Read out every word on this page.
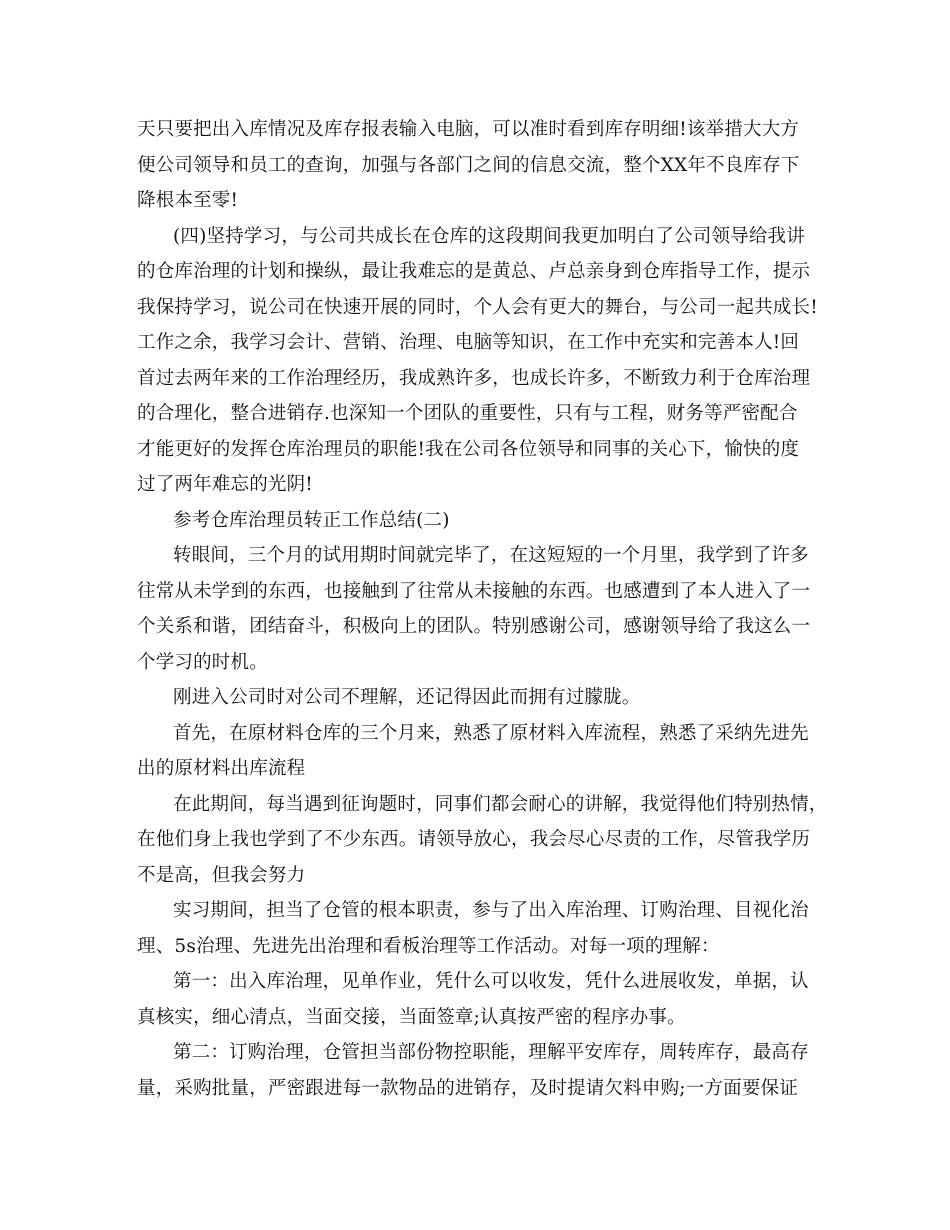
天只要把出入库情况及库存报表输入电脑，可以准时看到库存明细!该举措大大方
便公司领导和员工的查询，加强与各部门之间的信息交流，整个XX年不良库存下
降根本至零!
(四)坚持学习，与公司共成长在仓库的这段期间我更加明白了公司领导给我讲
的仓库治理的计划和操纵，最让我难忘的是黄总、卢总亲身到仓库指导工作，提示
我保持学习，说公司在快速开展的同时，个人会有更大的舞台，与公司一起共成长!
工作之余，我学习会计、营销、治理、电脑等知识，在工作中充实和完善本人!回
首过去两年来的工作治理经历，我成熟许多，也成长许多，不断致力利于仓库治理
的合理化，整合进销存.也深知一个团队的重要性，只有与工程，财务等严密配合
才能更好的发挥仓库治理员的职能!我在公司各位领导和同事的关心下，愉快的度
过了两年难忘的光阴!
参考仓库治理员转正工作总结(二)
转眼间，三个月的试用期时间就完毕了，在这短短的一个月里，我学到了许多
往常从未学到的东西，也接触到了往常从未接触的东西。也感遭到了本人进入了一
个关系和谐，团结奋斗，积极向上的团队。特别感谢公司，感谢领导给了我这么一
个学习的时机。
刚进入公司时对公司不理解，还记得因此而拥有过朦胧。
首先，在原材料仓库的三个月来，熟悉了原材料入库流程，熟悉了采纳先进先
出的原材料出库流程
在此期间，每当遇到征询题时，同事们都会耐心的讲解，我觉得他们特别热情，
在他们身上我也学到了不少东西。请领导放心，我会尽心尽责的工作，尽管我学历
不是高，但我会努力
实习期间，担当了仓管的根本职责，参与了出入库治理、订购治理、目视化治
理、5s治理、先进先出治理和看板治理等工作活动。对每一项的理解：
第一：出入库治理，见单作业，凭什么可以收发，凭什么进展收发，单据，认
真核实，细心清点，当面交接，当面签章;认真按严密的程序办事。
第二：订购治理，仓管担当部份物控职能，理解平安库存，周转库存，最高存
量，采购批量，严密跟进每一款物品的进销存，及时提请欠料申购;一方面要保证
